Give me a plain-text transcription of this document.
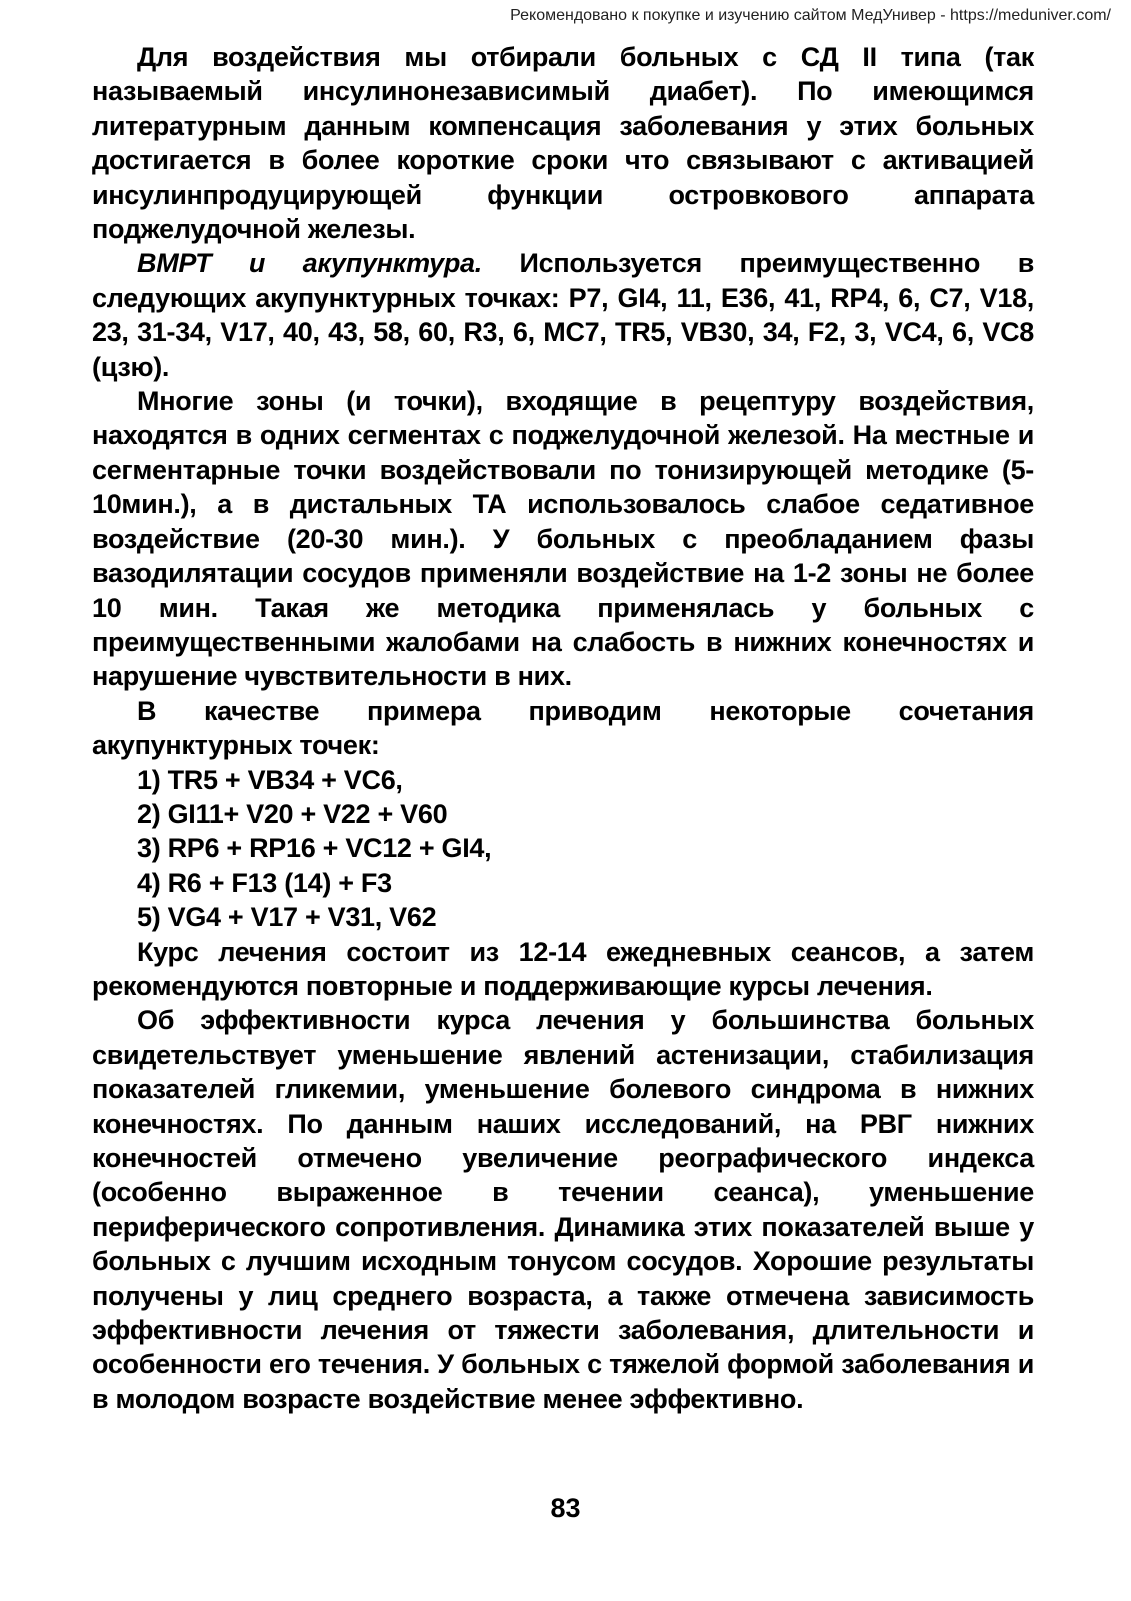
Рекомендовано к покупке и изучению сайтом МедУнивер - https://meduniver.com/

Для воздействия мы отбирали больных с СД II типа (так называемый инсулинонезависимый диабет). По имеющимся литературным данным компенсация заболевания у этих больных достигается в более короткие сроки что связывают с активацией инсулинпродуцирующей функции островкового аппарата поджелудочной железы.

ВМРТ и акупунктура. Используется преимущественно в следующих акупунктурных точках: Р7, GI4, 11, Е36, 41, RP4, 6, С7, V18, 23, 31-34, V17, 40, 43, 58, 60, R3, 6, МС7, TR5, VB30, 34, F2, 3, VC4, 6, VC8 (цзю).

Многие зоны (и точки), входящие в рецептуру воздействия, находятся в одних сегментах с поджелудочной железой. На местные и сегментарные точки воздействовали по тонизирующей методике (5-10мин.), а в дистальных ТА использовалось слабое седативное воздействие (20-30 мин.). У больных с преобладанием фазы вазодилятации сосудов применяли воздействие на 1-2 зоны не более 10 мин. Такая же методика применялась у больных с преимущественными жалобами на слабость в нижних конечностях и нарушение чувствительности в них.

В качестве примера приводим некоторые сочетания акупунктурных точек:

1) TR5 + VB34 + VC6,

2) GI11+ V20 + V22 + V60

3) RP6 + RP16 + VC12 + GI4,

4) R6 + F13 (14) + F3

5) VG4 + V17 + V31, V62

Курс лечения состоит из 12-14 ежедневных сеансов, а затем рекомендуются повторные и поддерживающие курсы лечения.

Об эффективности курса лечения у большинства больных свидетельствует уменьшение явлений астенизации, стабилизация показателей гликемии, уменьшение болевого синдрома в нижних конечностях. По данным наших исследований, на РВГ нижних конечностей отмечено увеличение реографического индекса (особенно выраженное в течении сеанса), уменьшение периферического сопротивления. Динамика этих показателей выше у больных с лучшим исходным тонусом сосудов. Хорошие результаты получены у лиц среднего возраста, а также отмечена зависимость эффективности лечения от тяжести заболевания, длительности и особенности его течения. У больных с тяжелой формой заболевания и в молодом возрасте воздействие менее эффективно.

83
